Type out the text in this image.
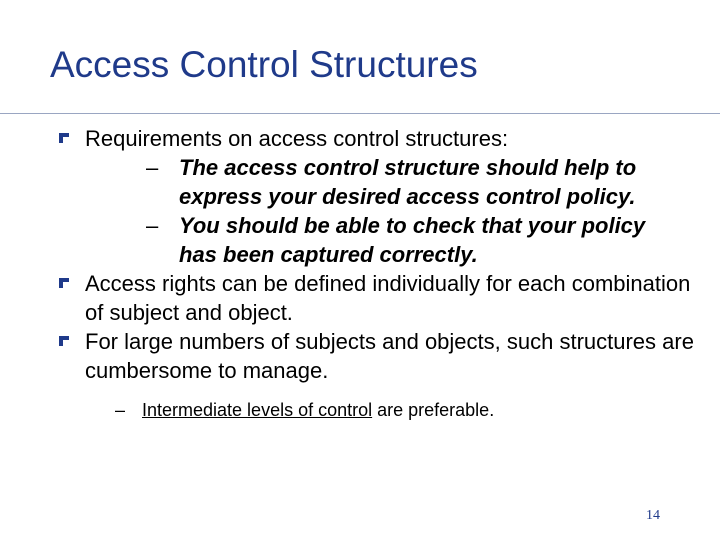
Access Control Structures
Requirements on access control structures:
– The access control structure should help to express your desired access control policy.
– You should be able to check that your policy has been captured correctly.
Access rights can be defined individually for each combination of subject and object.
For large numbers of subjects and objects, such structures are cumbersome to manage.
– Intermediate levels of control are preferable.
14
